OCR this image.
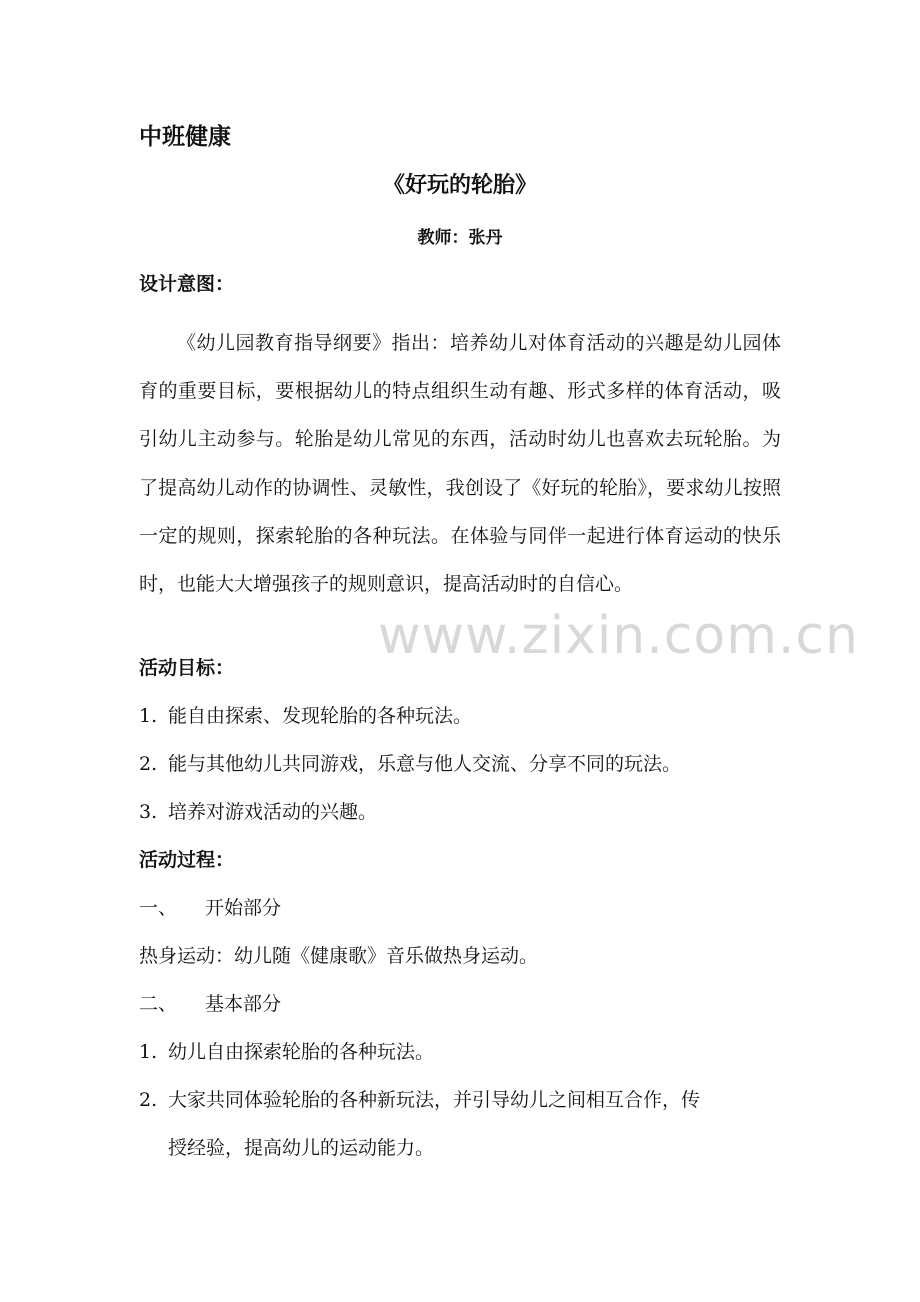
中班健康
《好玩的轮胎》
教师：张丹
设计意图：
《幼儿园教育指导纲要》指出：培养幼儿对体育活动的兴趣是幼儿园体育的重要目标，要根据幼儿的特点组织生动有趣、形式多样的体育活动，吸引幼儿主动参与。轮胎是幼儿常见的东西，活动时幼儿也喜欢去玩轮胎。为了提高幼儿动作的协调性、灵敏性，我创设了《好玩的轮胎》，要求幼儿按照一定的规则，探索轮胎的各种玩法。在体验与同伴一起进行体育运动的快乐时，也能大大增强孩子的规则意识，提高活动时的自信心。
www.zixin.com.cn
活动目标：
1. 能自由探索、发现轮胎的各种玩法。
2. 能与其他幼儿共同游戏，乐意与他人交流、分享不同的玩法。
3. 培养对游戏活动的兴趣。
活动过程：
一、 开始部分
热身运动：幼儿随《健康歌》音乐做热身运动。
二、 基本部分
1. 幼儿自由探索轮胎的各种玩法。
2. 大家共同体验轮胎的各种新玩法，并引导幼儿之间相互合作，传
授经验，提高幼儿的运动能力。
